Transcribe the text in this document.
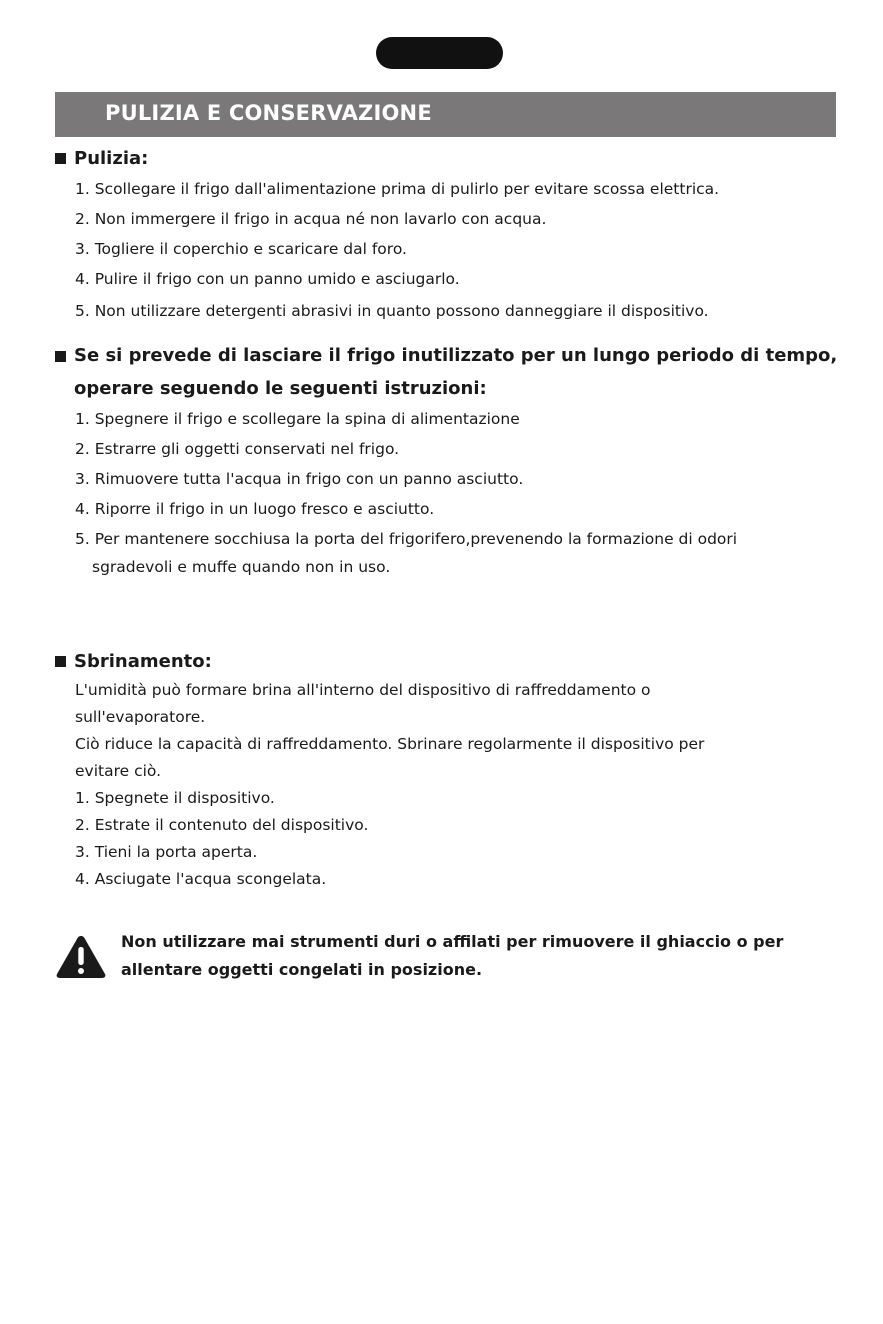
PULIZIA E CONSERVAZIONE
Pulizia:
1. Scollegare il frigo dall'alimentazione prima di pulirlo per evitare scossa elettrica.
2. Non immergere il frigo in acqua né non lavarlo con acqua.
3. Togliere il coperchio e scaricare dal foro.
4. Pulire il frigo con un panno umido e asciugarlo.
5. Non utilizzare detergenti abrasivi in quanto possono danneggiare il dispositivo.
Se si prevede di lasciare il frigo inutilizzato per un lungo periodo di tempo,
operare seguendo le seguenti istruzioni:
1. Spegnere il frigo e scollegare la spina di alimentazione
2. Estrarre gli oggetti conservati nel frigo.
3. Rimuovere tutta l'acqua in frigo con un panno asciutto.
4. Riporre il frigo in un luogo fresco e asciutto.
5. Per mantenere socchiusa la porta del frigorifero,prevenendo la formazione di odori
sgradevoli e muffe quando non in uso.
Sbrinamento:
L'umidità può formare brina all'interno del dispositivo di raffreddamento o
sull'evaporatore.
Ciò riduce la capacità di raffreddamento. Sbrinare regolarmente il dispositivo per
evitare ciò.
1. Spegnete il dispositivo.
2. Estrate il contenuto del dispositivo.
3. Tieni la porta aperta.
4. Asciugate l'acqua scongelata.
Non utilizzare mai strumenti duri o affilati per rimuovere il ghiaccio o per
allentare oggetti congelati in posizione.
